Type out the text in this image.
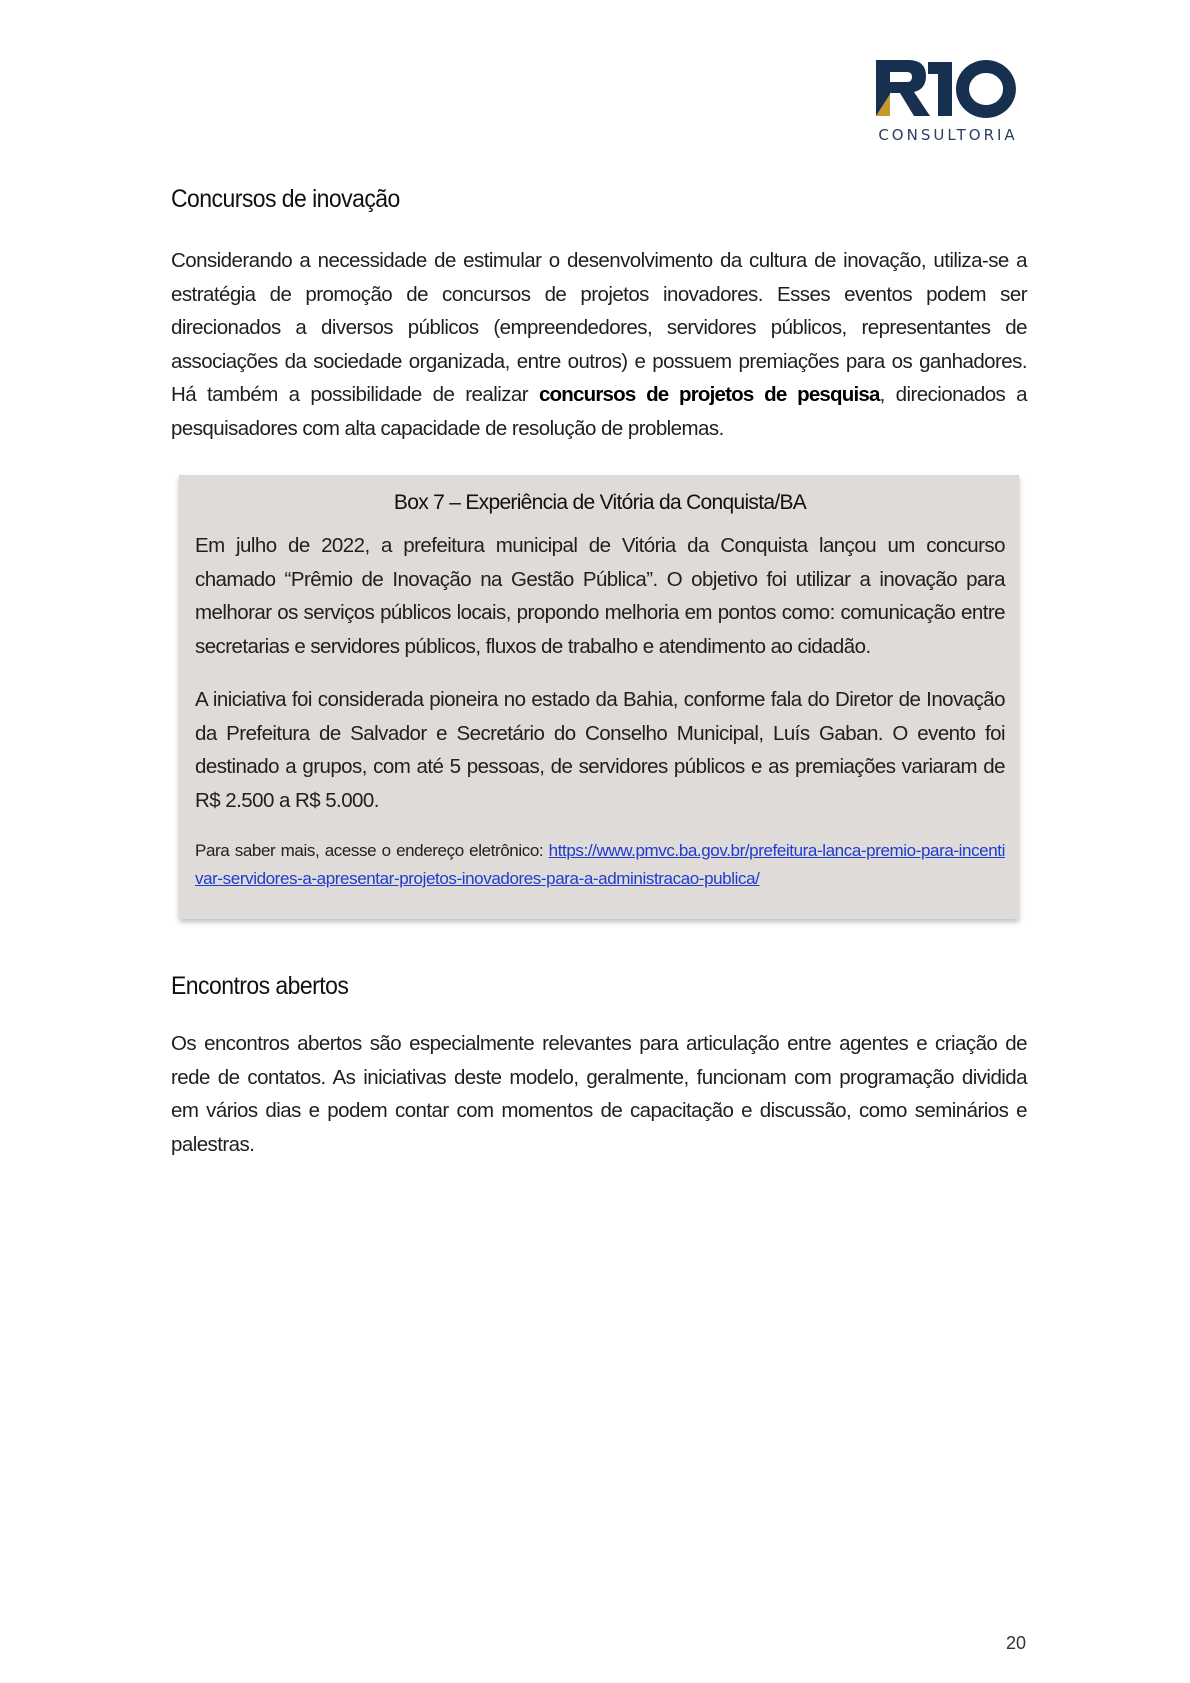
CONSULTORIA
Concursos de inovação

Considerando a necessidade de estimular o desenvolvimento da cultura de inovação, utiliza-se a estratégia de promoção de concursos de projetos inovadores. Esses eventos podem ser direcionados a diversos públicos (empreendedores, servidores públicos, representantes de associações da sociedade organizada, entre outros) e possuem premiações para os ganhadores. Há também a possibilidade de realizar concursos de projetos de pesquisa, direcionados a pesquisadores com alta capacidade de resolução de problemas.

Box 7 – Experiência de Vitória da Conquista/BA

Em julho de 2022, a prefeitura municipal de Vitória da Conquista lançou um concurso chamado “Prêmio de Inovação na Gestão Pública”. O objetivo foi utilizar a inovação para melhorar os serviços públicos locais, propondo melhoria em pontos como: comunicação entre secretarias e servidores públicos, fluxos de trabalho e atendimento ao cidadão.

A iniciativa foi considerada pioneira no estado da Bahia, conforme fala do Diretor de Inovação da Prefeitura de Salvador e Secretário do Conselho Municipal, Luís Gaban. O evento foi destinado a grupos, com até 5 pessoas, de servidores públicos e as premiações variaram de R$ 2.500 a R$ 5.000.

Para saber mais, acesse o endereço eletrônico: https://www.pmvc.ba.gov.br/prefeitura-lanca-premio-para-incentivar-servidores-a-apresentar-projetos-inovadores-para-a-administracao-publica/
Encontros abertos

Os encontros abertos são especialmente relevantes para articulação entre agentes e criação de rede de contatos. As iniciativas deste modelo, geralmente, funcionam com programação dividida em vários dias e podem contar com momentos de capacitação e discussão, como seminários e palestras.

20
